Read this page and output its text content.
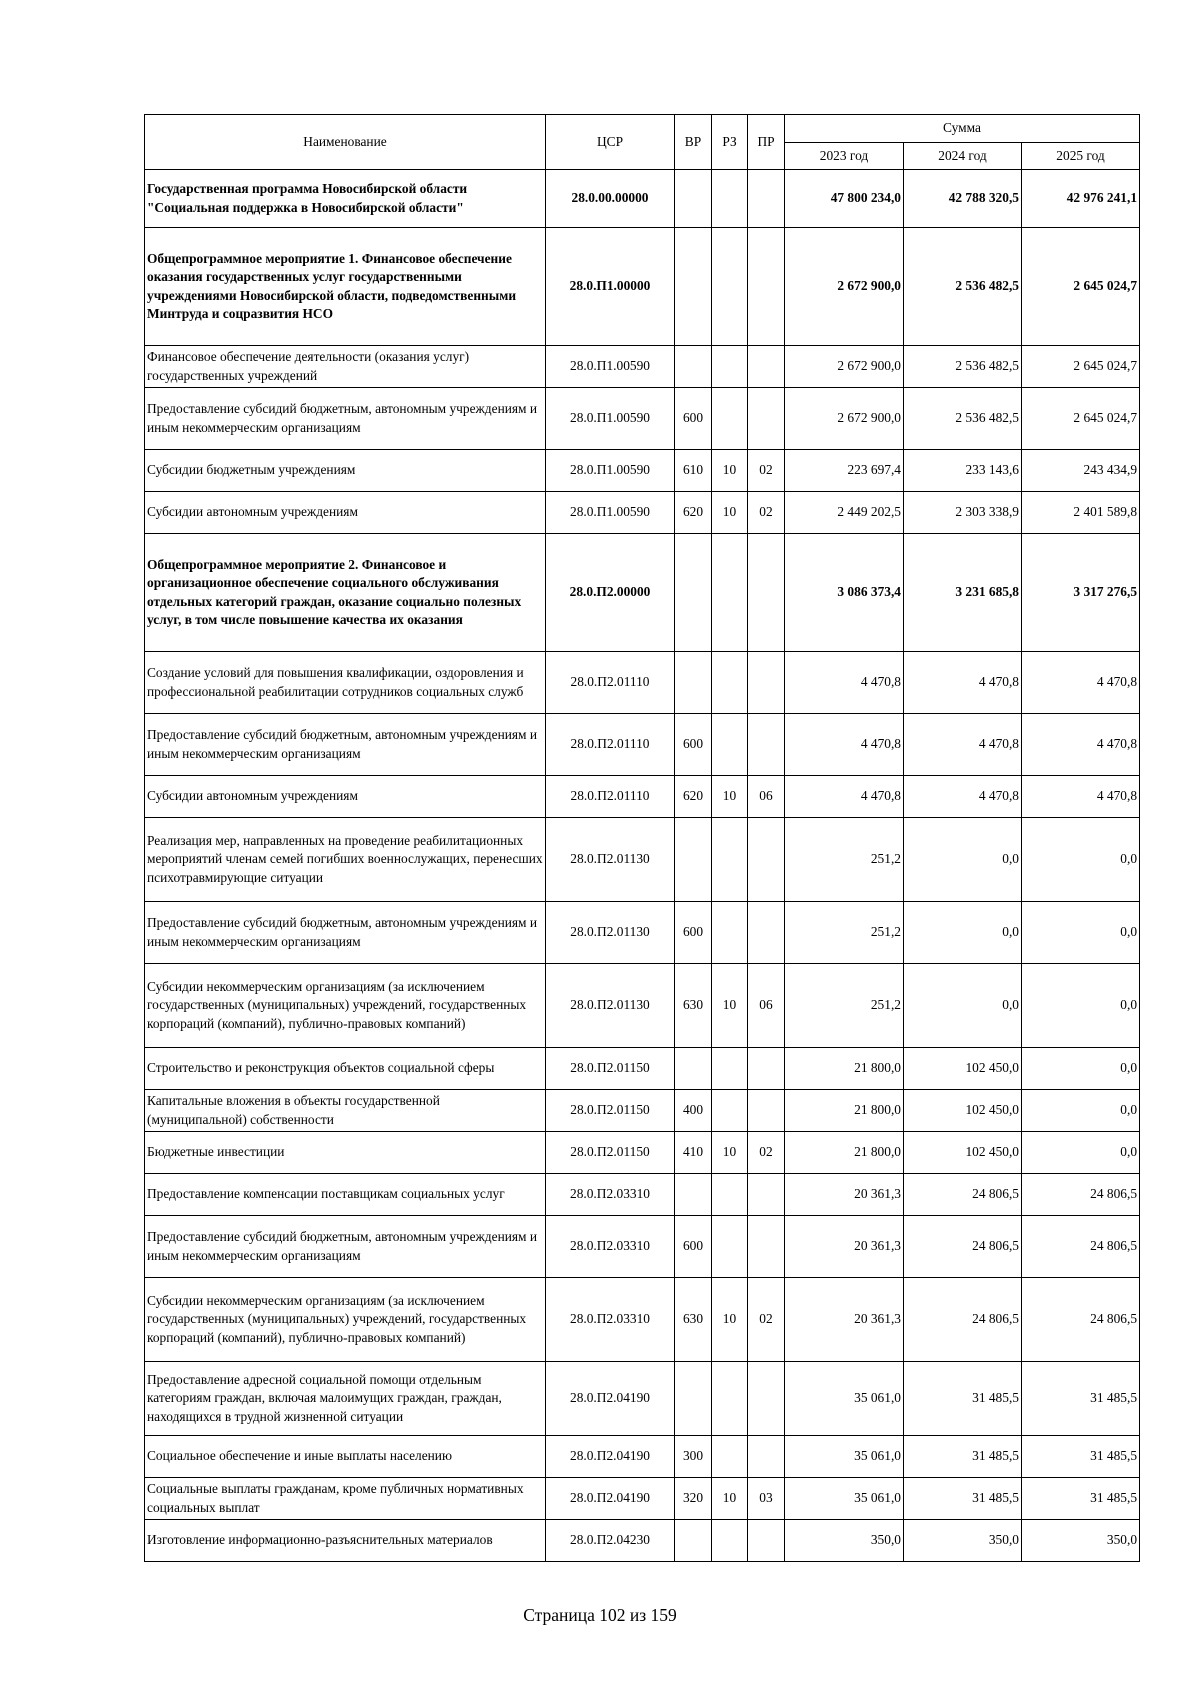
Наименование	ЦСР	ВР	РЗ	ПР	Сумма		
					2023 год	2024 год	2025 год
Государственная программа Новосибирской области "Социальная поддержка в Новосибирской области"	28.0.00.00000				47 800 234,0	42 788 320,5	42 976 241,1
Общепрограммное мероприятие 1. Финансовое обеспечение оказания государственных услуг государственными учреждениями Новосибирской области, подведомственными Минтруда и соцразвития НСО	28.0.П1.00000				2 672 900,0	2 536 482,5	2 645 024,7
Финансовое обеспечение деятельности (оказания услуг) государственных учреждений	28.0.П1.00590				2 672 900,0	2 536 482,5	2 645 024,7
Предоставление субсидий бюджетным, автономным учреждениям и иным некоммерческим организациям	28.0.П1.00590	600			2 672 900,0	2 536 482,5	2 645 024,7
Субсидии бюджетным учреждениям	28.0.П1.00590	610	10	02	223 697,4	233 143,6	243 434,9
Субсидии автономным учреждениям	28.0.П1.00590	620	10	02	2 449 202,5	2 303 338,9	2 401 589,8
Общепрограммное мероприятие 2. Финансовое и организационное обеспечение социального обслуживания отдельных категорий граждан, оказание социально полезных услуг, в том числе повышение качества их оказания	28.0.П2.00000				3 086 373,4	3 231 685,8	3 317 276,5
Создание условий для повышения квалификации, оздоровления и профессиональной реабилитации сотрудников социальных служб	28.0.П2.01110				4 470,8	4 470,8	4 470,8
Предоставление субсидий бюджетным, автономным учреждениям и иным некоммерческим организациям	28.0.П2.01110	600			4 470,8	4 470,8	4 470,8
Субсидии автономным учреждениям	28.0.П2.01110	620	10	06	4 470,8	4 470,8	4 470,8
Реализация мер, направленных на проведение реабилитационных мероприятий членам семей погибших военнослужащих, перенесших психотравмирующие ситуации	28.0.П2.01130				251,2	0,0	0,0
Предоставление субсидий бюджетным, автономным учреждениям и иным некоммерческим организациям	28.0.П2.01130	600			251,2	0,0	0,0
Субсидии некоммерческим организациям (за исключением государственных (муниципальных) учреждений, государственных корпораций (компаний), публично-правовых компаний)	28.0.П2.01130	630	10	06	251,2	0,0	0,0
Строительство и реконструкция объектов социальной сферы	28.0.П2.01150				21 800,0	102 450,0	0,0
Капитальные вложения в объекты государственной (муниципальной) собственности	28.0.П2.01150	400			21 800,0	102 450,0	0,0
Бюджетные инвестиции	28.0.П2.01150	410	10	02	21 800,0	102 450,0	0,0
Предоставление компенсации поставщикам социальных услуг	28.0.П2.03310				20 361,3	24 806,5	24 806,5
Предоставление субсидий бюджетным, автономным учреждениям и иным некоммерческим организациям	28.0.П2.03310	600			20 361,3	24 806,5	24 806,5
Субсидии некоммерческим организациям (за исключением государственных (муниципальных) учреждений, государственных корпораций (компаний), публично-правовых компаний)	28.0.П2.03310	630	10	02	20 361,3	24 806,5	24 806,5
Предоставление адресной социальной помощи отдельным категориям граждан, включая малоимущих граждан, граждан, находящихся в трудной жизненной ситуации	28.0.П2.04190				35 061,0	31 485,5	31 485,5
Социальное обеспечение и иные выплаты населению	28.0.П2.04190	300			35 061,0	31 485,5	31 485,5
Социальные выплаты гражданам, кроме публичных нормативных социальных выплат	28.0.П2.04190	320	10	03	35 061,0	31 485,5	31 485,5
Изготовление информационно-разъяснительных материалов	28.0.П2.04230				350,0	350,0	350,0
Страница 102 из 159
